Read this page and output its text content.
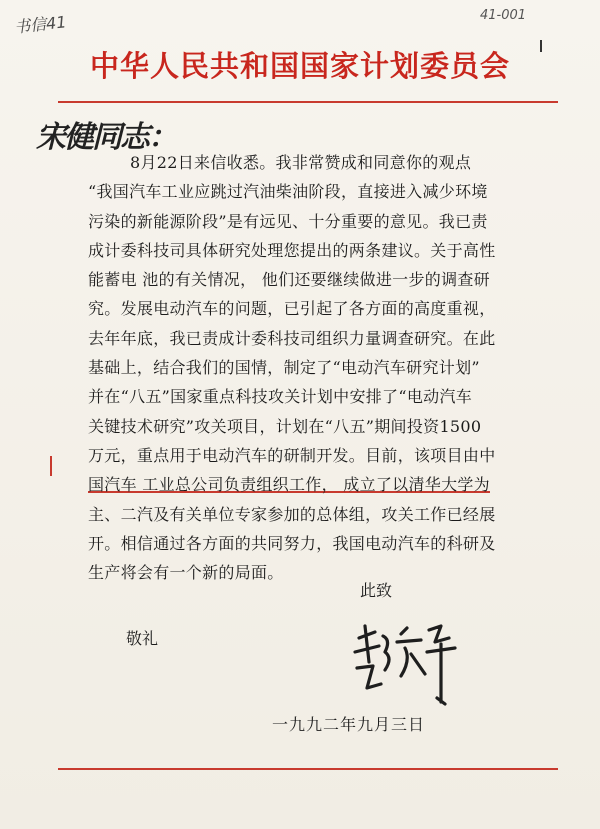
书信41	41-001
中华人民共和国国家计划委员会
宋健同志：
8月22日来信收悉。我非常赞成和同意你的观点
“我国汽车工业应跳过汽油柴油阶段，直接进入减少环境
污染的新能源阶段”是有远见、十分重要的意见。我已责
成计委科技司具体研究处理您提出的两条建议。关于高性
能蓄电 池的有关情况， 他们还要继续做进一步的调查研
究。发展电动汽车的问题，已引起了各方面的高度重视，
去年年底，我已责成计委科技司组织力量调查研究。在此
基础上，结合我们的国情，制定了“电动汽车研究计划”
并在“八五”国家重点科技攻关计划中安排了“电动汽车
关键技术研究”攻关项目，计划在“八五”期间投资1500
万元，重点用于电动汽车的研制开发。目前，该项目由中
国汽车 工业总公司负责组织工作， 成立了以清华大学为
主、二汽及有关单位专家参加的总体组，攻关工作已经展
开。相信通过各方面的共同努力，我国电动汽车的科研及
生产将会有一个新的局面。
此致
敬礼
一九九二年九月三日
